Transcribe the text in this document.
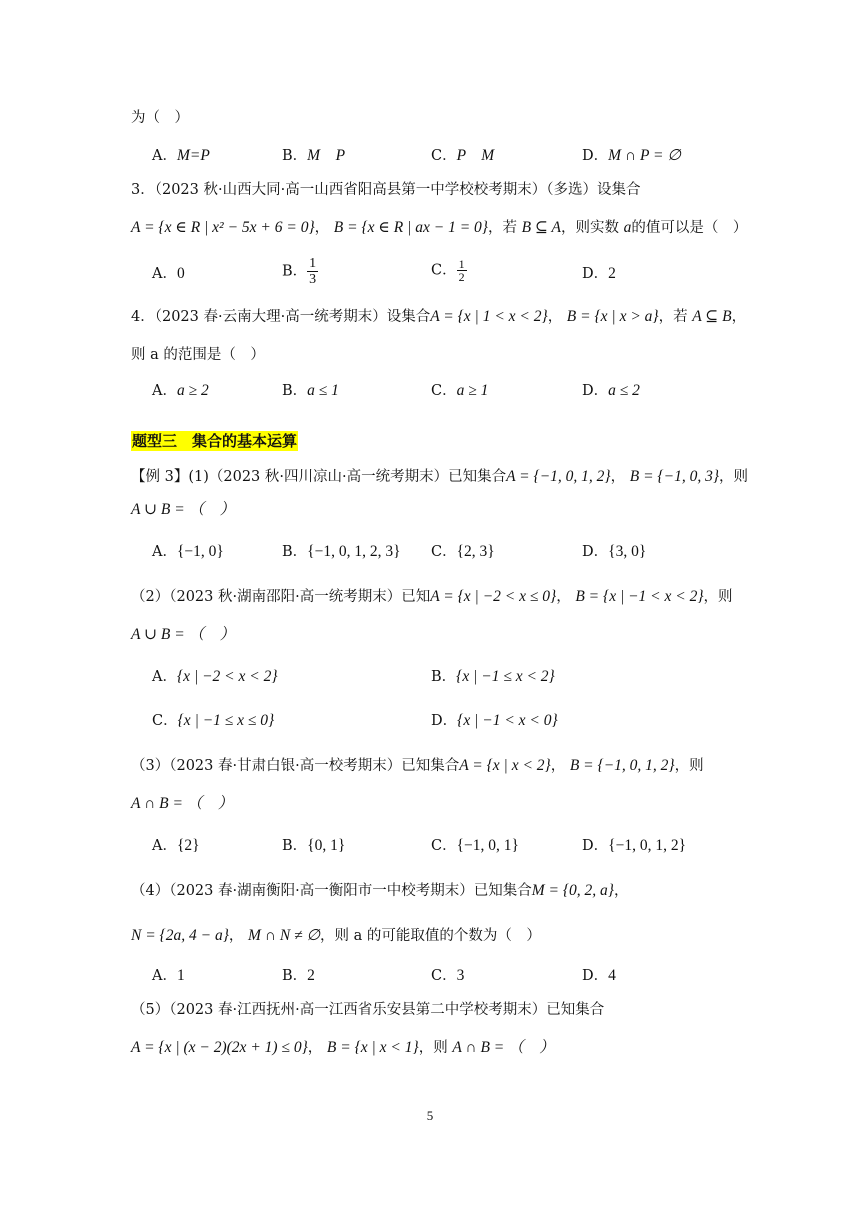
为（　）
A．M=P	B．M　P	C．P　M	D．M ∩ P = ∅
3．（2023 秋·山西大同·高一山西省阳高县第一中学校校考期末）（多选）设集合
A = {x ∈ R | x² − 5x + 6 = 0}， B = {x ∈ R | ax − 1 = 0}，若 B ⊆ A，则实数 a的值可以是（　）
A．0	B． $\frac{1}{3}$	C． $\frac{1}{2}$	D．2
4．（2023 春·云南大理·高一统考期末）设集合A = {x | 1 < x < 2}， B = {x | x > a}，若 A ⊆ B，
则 a 的范围是（　）
A．a ≥ 2	B．a ≤ 1	C．a ≥ 1	D．a ≤ 2
题型三　集合的基本运算
【例 3】(1)（2023 秋·四川凉山·高一统考期末）已知集合A = {−1, 0, 1, 2}， B = {−1, 0, 3}，则
A ∪ B = （　）
A．{−1, 0}	B．{−1, 0, 1, 2, 3} C．{2, 3}	D．{3, 0}
（2）（2023 秋·湖南邵阳·高一统考期末）已知A = {x | −2 < x ≤ 0}， B = {x | −1 < x < 2}，则
A ∪ B = （　）
A．{x | −2 < x < 2}	B．{x | −1 ≤ x < 2}
C．{x | −1 ≤ x ≤ 0}	D．{x | −1 < x < 0}
（3）（2023 春·甘肃白银·高一校考期末）已知集合A = {x | x < 2}， B = {−1, 0, 1, 2}，则
A ∩ B = （　）
A．{2}	B．{0, 1}	C．{−1, 0, 1}	D．{−1, 0, 1, 2}
（4）（2023 春·湖南衡阳·高一衡阳市一中校考期末）已知集合M = {0, 2, a}，
N = {2a, 4 − a}， M ∩ N ≠ ∅，则 a 的可能取值的个数为（　）
A．1	B．2	C．3	D．4
（5）（2023 春·江西抚州·高一江西省乐安县第二中学校考期末）已知集合
A = {x | (x − 2)(2x + 1) ≤ 0}， B = {x | x < 1}，则 A ∩ B = （　）
5
